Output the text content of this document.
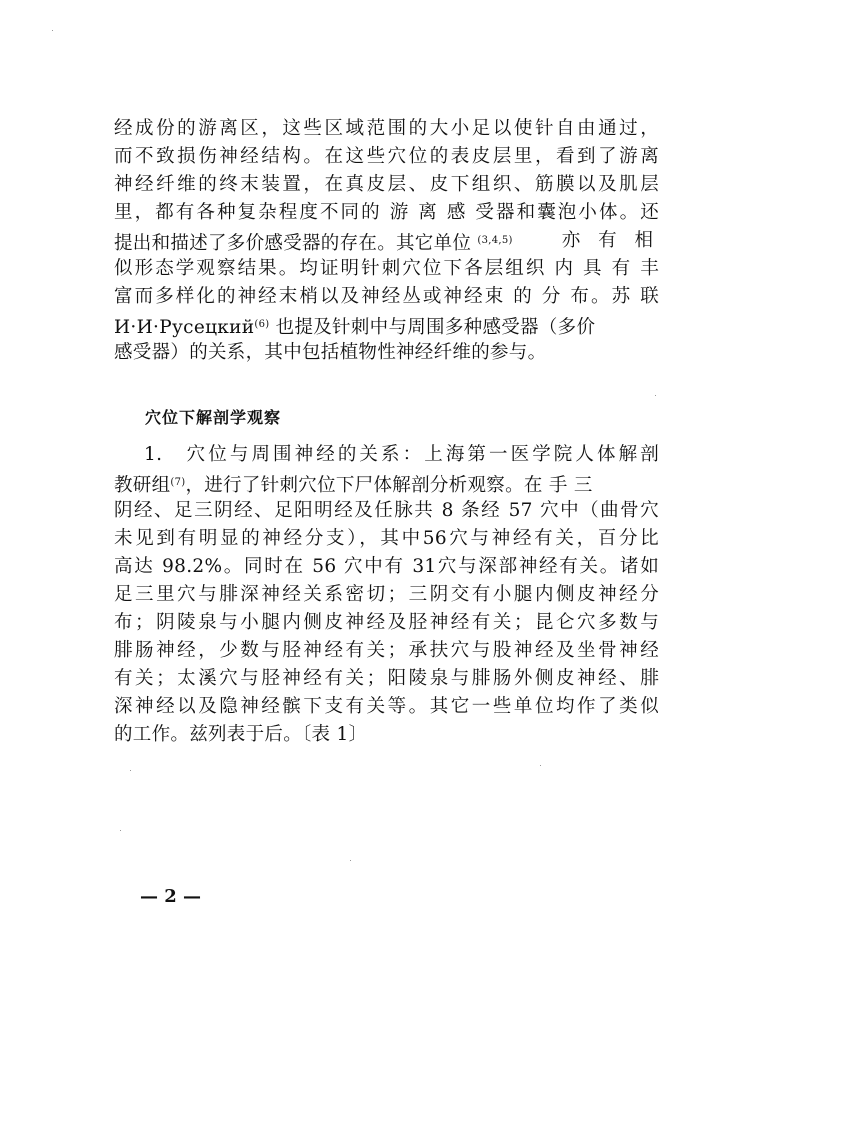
经成份的游离区，这些区域范围的大小足以使针自由通过，
而不致损伤神经结构。在这些穴位的表皮层里，看到了游离
神经纤维的终末装置，在真皮层、皮下组织、筋膜以及肌层
里，都有各种复杂程度不同的 游 离 感 受器和囊泡小体。还
提出和描述了多价感受器的存在。其它单位 $^{(3,4,5)}$	亦 有 相
似形态学观察结果。均证明针刺穴位下各层组织 内 具 有 丰
富而多样化的神经末梢以及神经丛或神经束 的 分 布。苏 联
И·И·Русецкий$^{(6)}$ 也提及针刺中与周围多种感受器（多价
感受器）的关系，其中包括植物性神经纤维的参与。
穴位下解剖学观察
1.　穴位与周围神经的关系：上海第一医学院人体解剖
教研组$^{(7)}$，进行了针刺穴位下尸体解剖分析观察。在 手 三
阴经、足三阴经、足阳明经及任脉共 8 条经 57 穴中（曲骨穴
未见到有明显的神经分支），其中56穴与神经有关，百分比
高达 98.2%。同时在 56 穴中有 31穴与深部神经有关。诸如
足三里穴与腓深神经关系密切；三阴交有小腿内侧皮神经分
布；阴陵泉与小腿内侧皮神经及胫神经有关；昆仑穴多数与
腓肠神经，少数与胫神经有关；承扶穴与股神经及坐骨神经
有关；太溪穴与胫神经有关；阳陵泉与腓肠外侧皮神经、腓
深神经以及隐神经髌下支有关等。其它一些单位均作了类似
的工作。兹列表于后。〔表 1〕
— 2 —
